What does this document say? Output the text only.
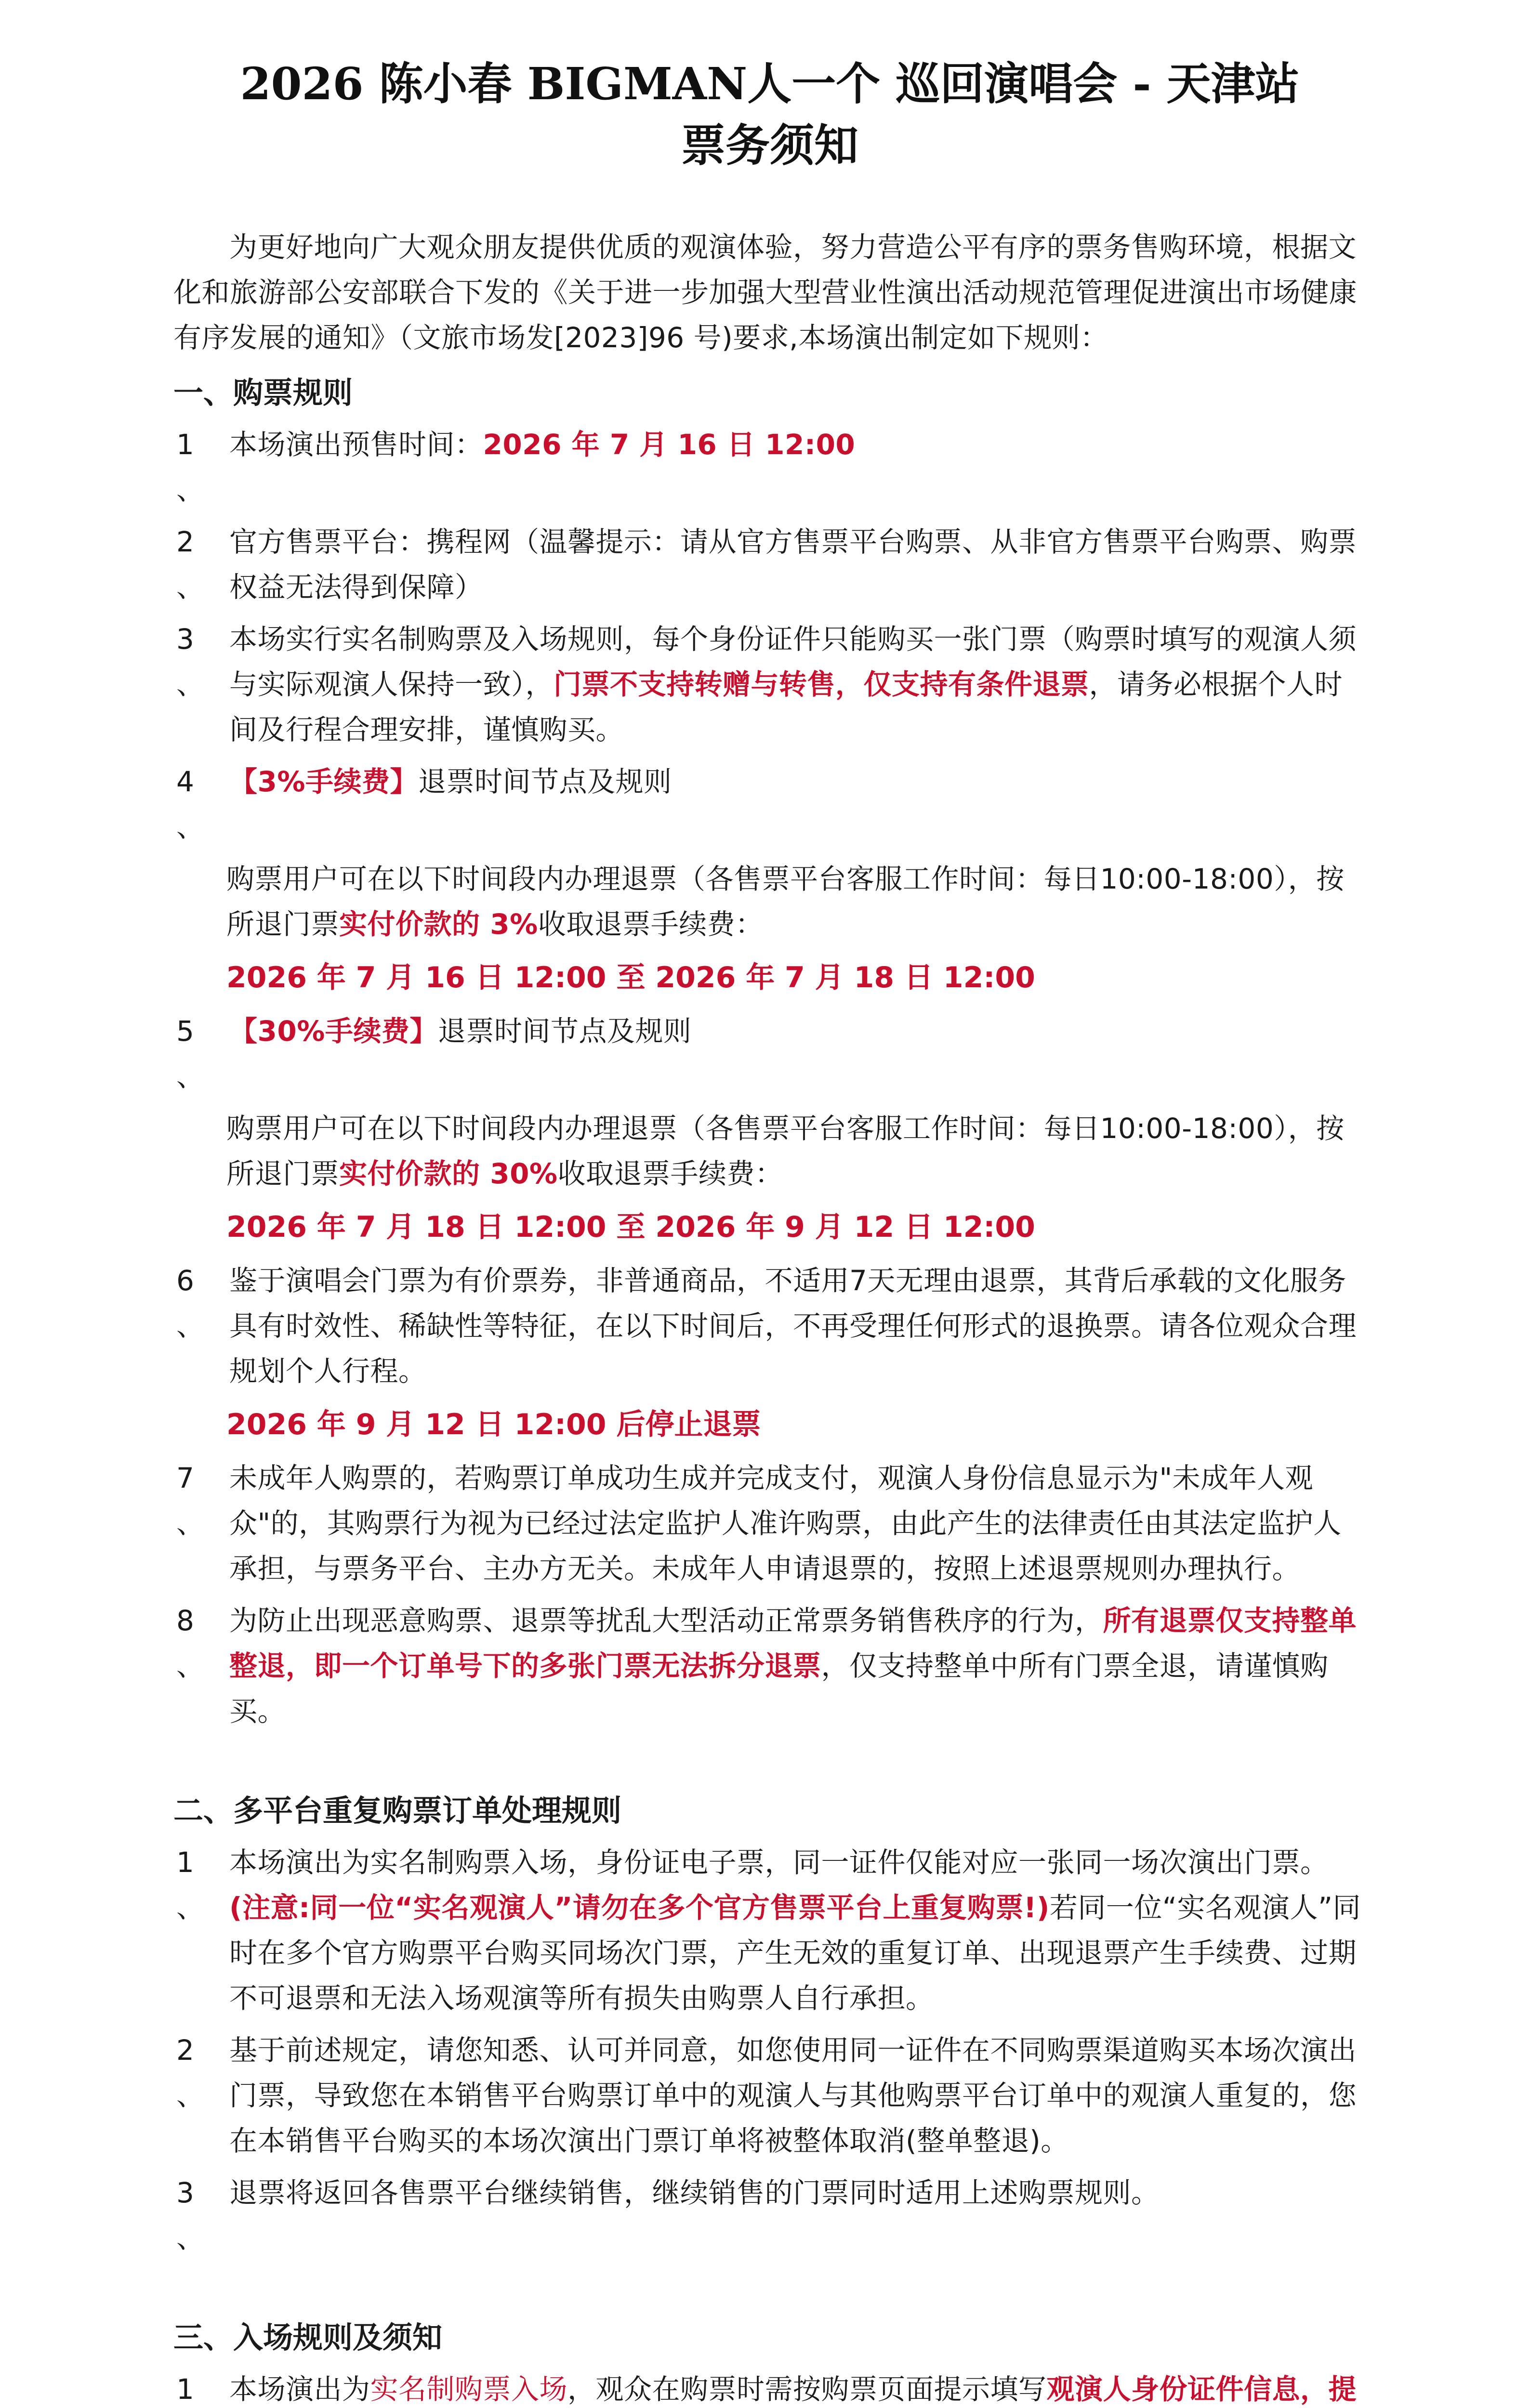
2026 陈小春 BIGMAN人一个 巡回演唱会 - 天津站
票务须知

为更好地向广大观众朋友提供优质的观演体验，努力营造公平有序的票务售购环境，根据文化和旅游部公安部联合下发的《关于进一步加强大型营业性演出活动规范管理促进演出市场健康有序发展的通知》（文旅市场发[2023]96 号)要求,本场演出制定如下规则：

一、购票规则
1 、
本场演出预售时间：2026 年 7 月 16 日 12:00
2 、
官方售票平台：携程网（温馨提示：请从官方售票平台购票、从非官方售票平台购票、购票权益无法得到保障）
3 、
本场实行实名制购票及入场规则，每个身份证件只能购买一张门票（购票时填写的观演人须与实际观演人保持一致），门票不支持转赠与转售，仅支持有条件退票，请务必根据个人时间及行程合理安排，谨慎购买。
4 、
【3%手续费】退票时间节点及规则
购票用户可在以下时间段内办理退票（各售票平台客服工作时间：每日10:00-18:00），按所退门票实付价款的 3%收取退票手续费：
2026 年 7 月 16 日 12:00 至 2026 年 7 月 18 日 12:00
5 、
【30%手续费】退票时间节点及规则
购票用户可在以下时间段内办理退票（各售票平台客服工作时间：每日10:00-18:00），按所退门票实付价款的 30%收取退票手续费：
2026 年 7 月 18 日 12:00 至 2026 年 9 月 12 日 12:00
6 、
鉴于演唱会门票为有价票券，非普通商品，不适用7天无理由退票，其背后承载的文化服务具有时效性、稀缺性等特征，在以下时间后，不再受理任何形式的退换票。请各位观众合理规划个人行程。
2026 年 9 月 12 日 12:00 后停止退票
7 、
未成年人购票的，若购票订单成功生成并完成支付，观演人身份信息显示为"未成年人观众"的，其购票行为视为已经过法定监护人准许购票，由此产生的法律责任由其法定监护人承担，与票务平台、主办方无关。未成年人申请退票的，按照上述退票规则办理执行。
8 、
为防止出现恶意购票、退票等扰乱大型活动正常票务销售秩序的行为，所有退票仅支持整单整退，即一个订单号下的多张门票无法拆分退票，仅支持整单中所有门票全退，请谨慎购买。
二、多平台重复购票订单处理规则
1 、
本场演出为实名制购票入场，身份证电子票，同一证件仅能对应一张同一场次演出门票。(注意:同一位“实名观演人”请勿在多个官方售票平台上重复购票!)若同一位“实名观演人”同时在多个官方购票平台购买同场次门票，产生无效的重复订单、出现退票产生手续费、过期不可退票和无法入场观演等所有损失由购票人自行承担。
2 、
基于前述规定，请您知悉、认可并同意，如您使用同一证件在不同购票渠道购买本场次演出门票，导致您在本销售平台购票订单中的观演人与其他购票平台订单中的观演人重复的，您在本销售平台购买的本场次演出门票订单将被整体取消(整单整退)。
3 、
退票将返回各售票平台继续销售，继续销售的门票同时适用上述购票规则。
三、入场规则及须知
1	本场演出为实名制购票入场，观众在购票时需按购票页面提示填写观演人身份证件信息，提
